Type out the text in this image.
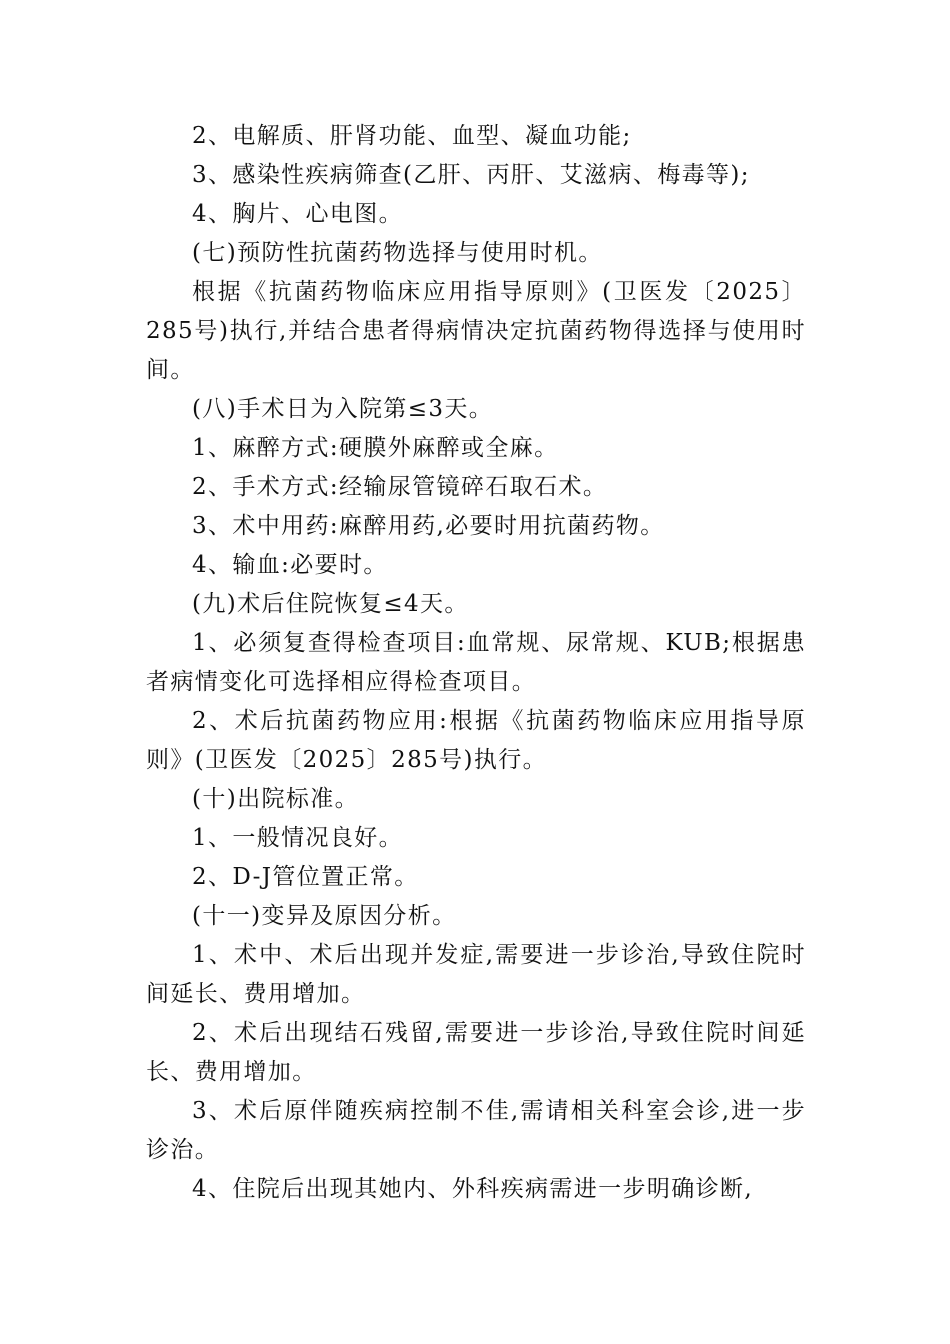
2、电解质、肝肾功能、血型、凝血功能;

3、感染性疾病筛查(乙肝、丙肝、艾滋病、梅毒等);

4、胸片、心电图。

(七)预防性抗菌药物选择与使用时机。

根据《抗菌药物临床应用指导原则》(卫医发〔2025〕285号)执行,并结合患者得病情决定抗菌药物得选择与使用时间。

(八)手术日为入院第≤3天。

1、麻醉方式:硬膜外麻醉或全麻。

2、手术方式:经输尿管镜碎石取石术。

3、术中用药:麻醉用药,必要时用抗菌药物。

4、输血:必要时。

(九)术后住院恢复≤4天。

1、必须复查得检查项目:血常规、尿常规、KUB;根据患者病情变化可选择相应得检查项目。

2、术后抗菌药物应用:根据《抗菌药物临床应用指导原则》(卫医发〔2025〕285号)执行。

(十)出院标准。

1、一般情况良好。

2、D-J管位置正常。

(十一)变异及原因分析。

1、术中、术后出现并发症,需要进一步诊治,导致住院时间延长、费用增加。

2、术后出现结石残留,需要进一步诊治,导致住院时间延长、费用增加。

3、术后原伴随疾病控制不佳,需请相关科室会诊,进一步诊治。

4、住院后出现其她内、外科疾病需进一步明确诊断,
